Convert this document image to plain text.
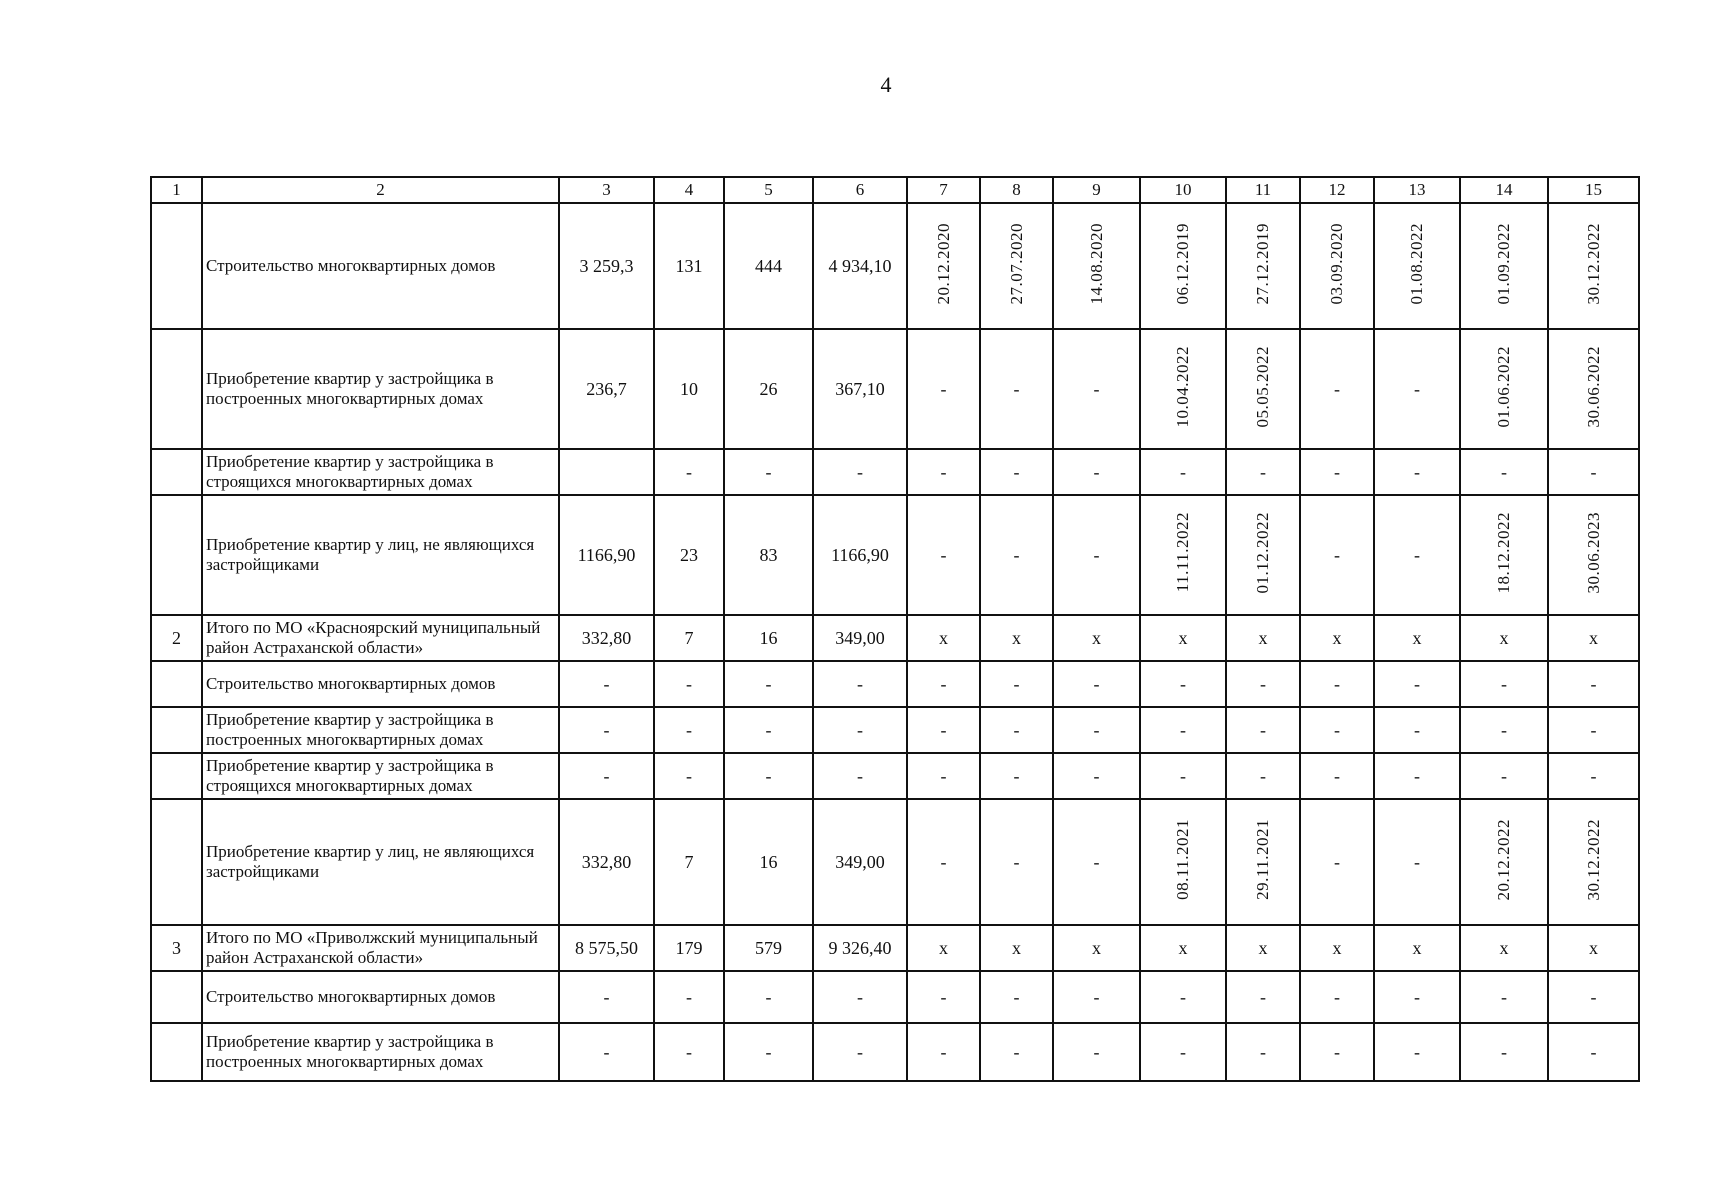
4
1	2	3	4	5	6	7	8	9	10	11	12	13	14	15
	Строительство многоквартирных домов	3 259,3	131	444	4 934,10	20.12.2020	27.07.2020	14.08.2020	06.12.2019	27.12.2019	03.09.2020	01.08.2022	01.09.2022	30.12.2022
	Приобретение квартир у застройщика в построенных многоквартирных домах	236,7	10	26	367,10	-	-	-	10.04.2022	05.05.2022	-	-	01.06.2022	30.06.2022
	Приобретение квартир у застройщика в строящихся многоквартирных домах		-	-	-	-	-	-	-	-	-	-	-	-
	Приобретение квартир у лиц, не являющихся застройщиками	1166,90	23	83	1166,90	-	-	-	11.11.2022	01.12.2022	-	-	18.12.2022	30.06.2023
2	Итого по МО «Красноярский муниципальный район Астраханской области»	332,80	7	16	349,00	x	x	x	x	x	x	x	x	x
	Строительство многоквартирных домов	-	-	-	-	-	-	-	-	-	-	-	-	-
	Приобретение квартир у застройщика в построенных многоквартирных домах	-	-	-	-	-	-	-	-	-	-	-	-	-
	Приобретение квартир у застройщика в строящихся многоквартирных домах	-	-	-	-	-	-	-	-	-	-	-	-	-
	Приобретение квартир у лиц, не являющихся застройщиками	332,80	7	16	349,00	-	-	-	08.11.2021	29.11.2021	-	-	20.12.2022	30.12.2022
3	Итого по МО «Приволжский муниципальный район Астраханской области»	8 575,50	179	579	9 326,40	x	x	x	x	x	x	x	x	x
	Строительство многоквартирных домов	-	-	-	-	-	-	-	-	-	-	-	-	-
	Приобретение квартир у застройщика в построенных многоквартирных домах	-	-	-	-	-	-	-	-	-	-	-	-	-
